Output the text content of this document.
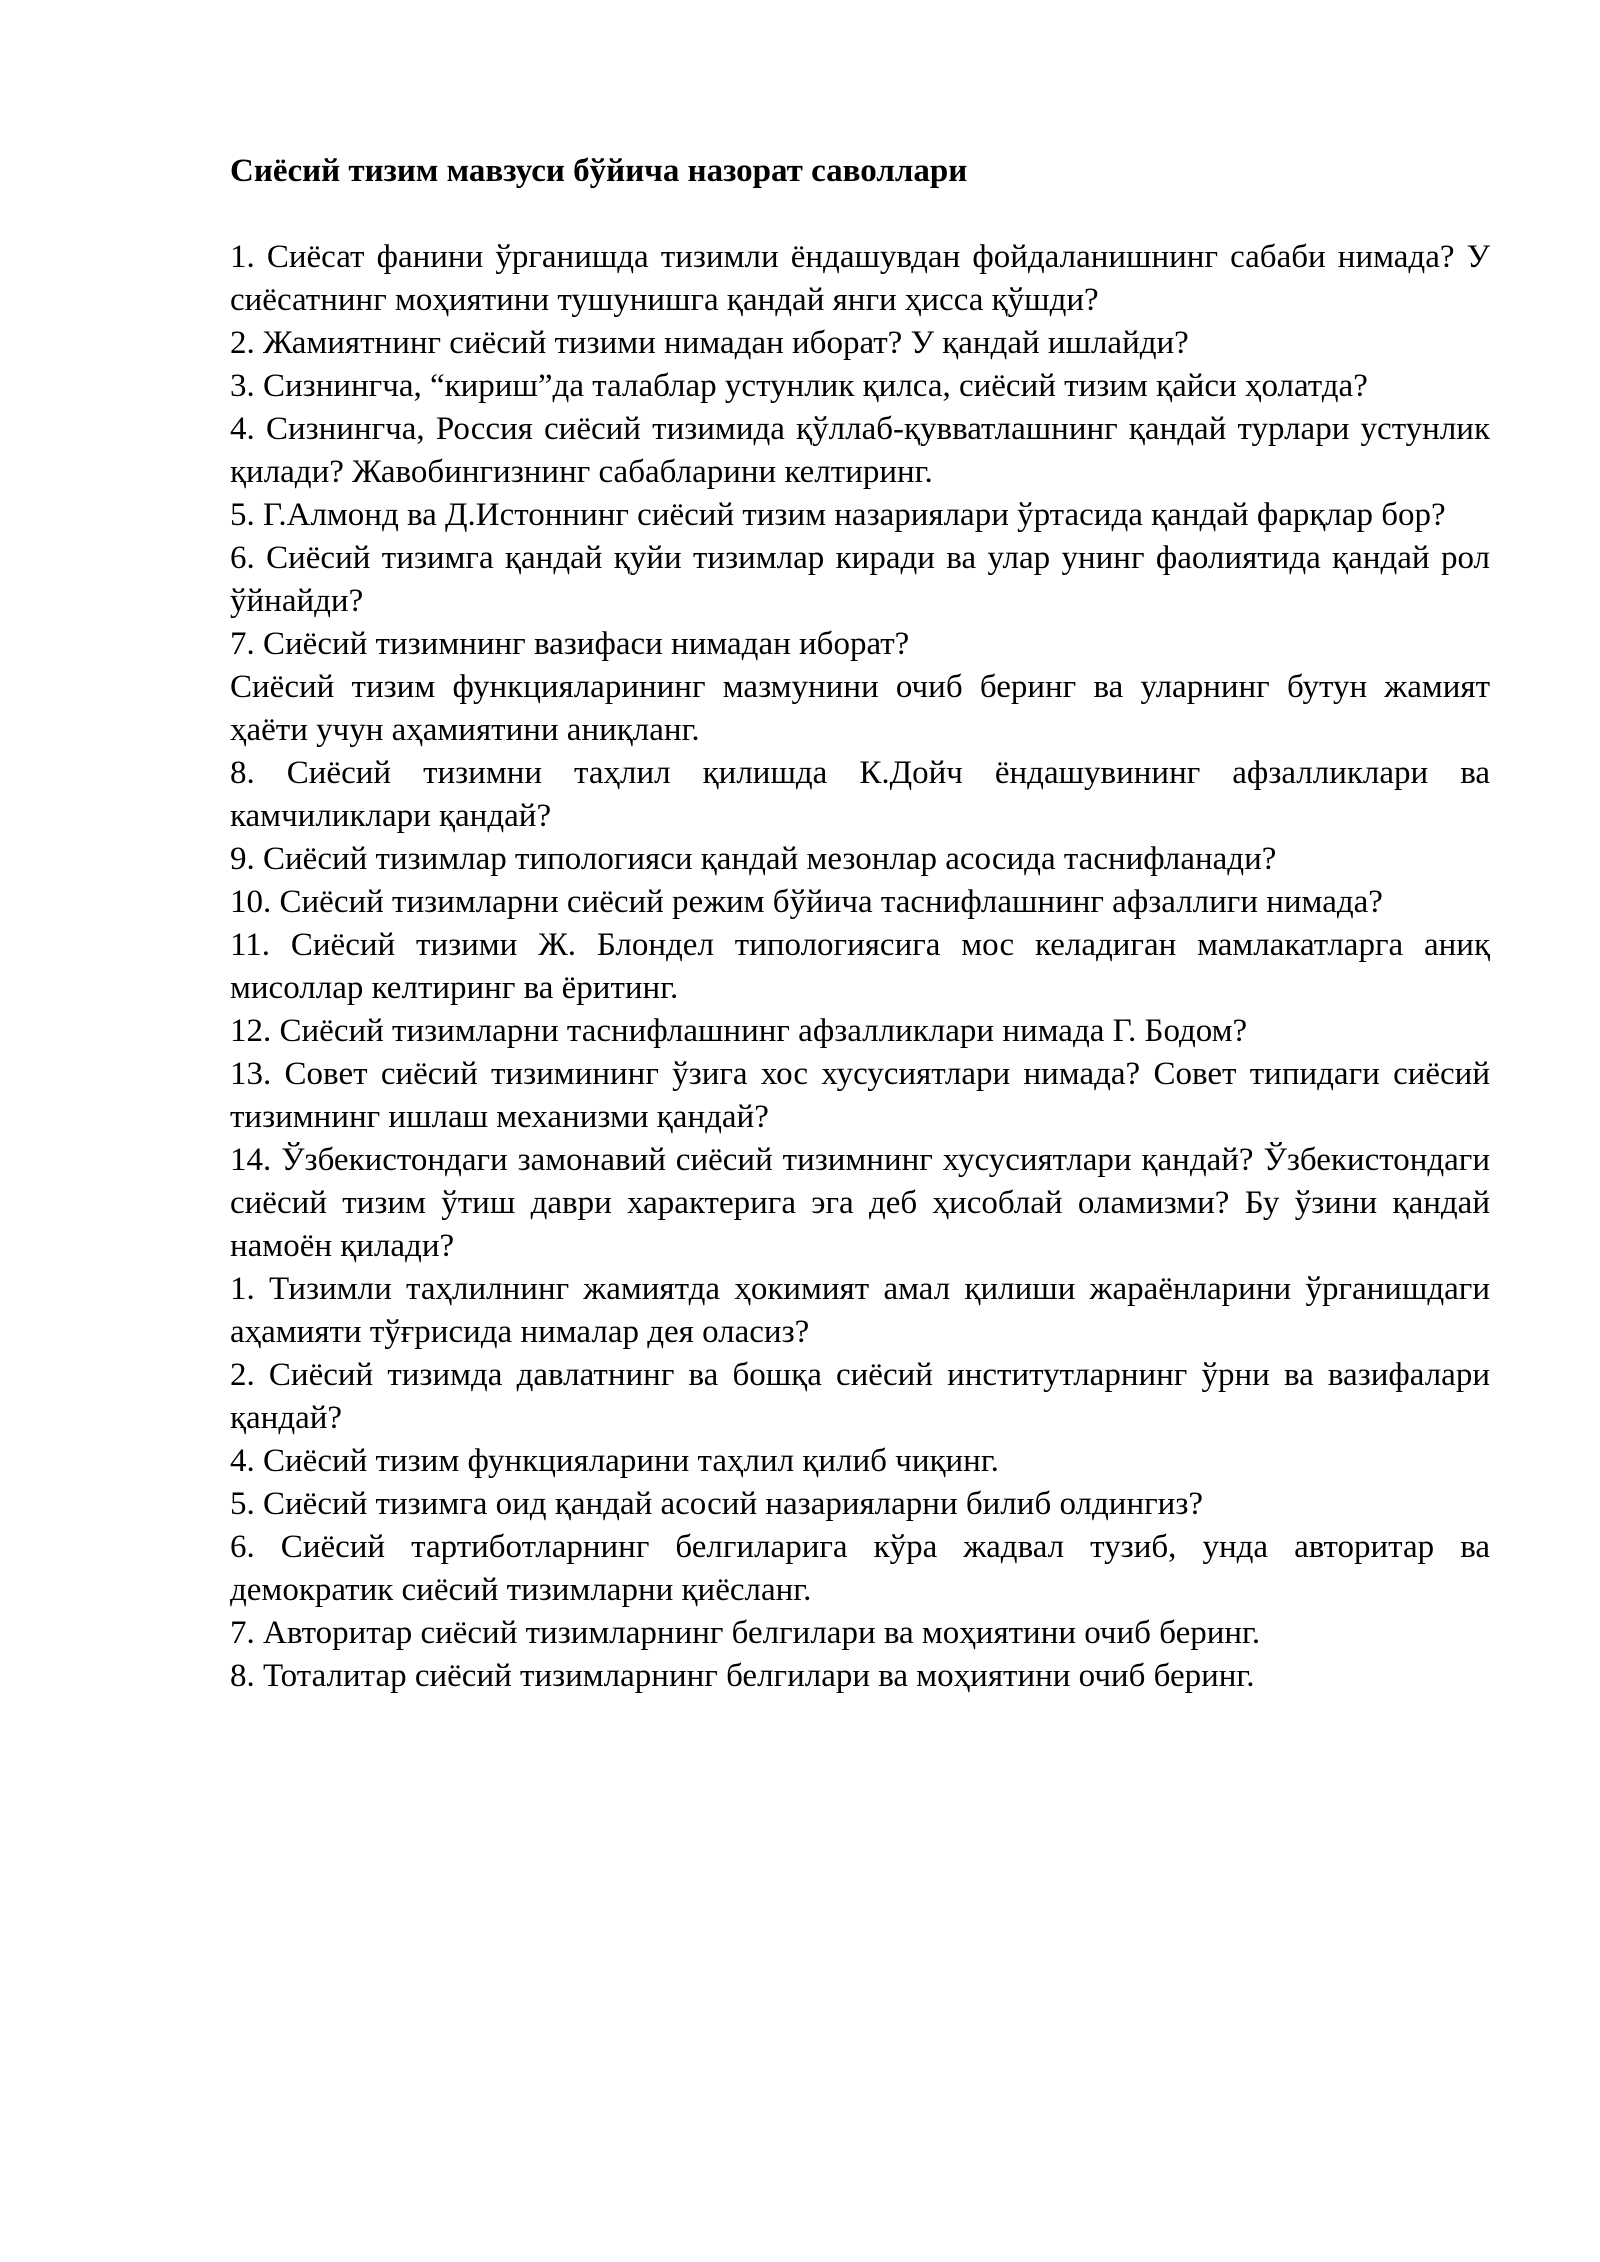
Сиёсий тизим мавзуси бўйича назорат саволлари

1. Сиёсат фанини ўрганишда тизимли ёндашувдан фойдаланишнинг сабаби нимада? У сиёсатнинг моҳиятини тушунишга қандай янги ҳисса қўшди?

2. Жамиятнинг сиёсий тизими нимадан иборат? У қандай ишлайди?

3. Сизнингча, “кириш”да талаблар устунлик қилса, сиёсий тизим қайси ҳолатда?

4. Сизнингча, Россия сиёсий тизимида қўллаб-қувватлашнинг қандай турлари устунлик қилади? Жавобингизнинг сабабларини келтиринг.

5. Г.Алмонд ва Д.Истоннинг сиёсий тизим назариялари ўртасида қандай фарқлар бор?

6. Сиёсий тизимга қандай қуйи тизимлар киради ва улар унинг фаолиятида қандай рол ўйнайди?

7. Сиёсий тизимнинг вазифаси нимадан иборат?

Сиёсий тизим функцияларининг мазмунини очиб беринг ва уларнинг бутун жамият ҳаёти учун аҳамиятини аниқланг.

8. Сиёсий тизимни таҳлил қилишда К.Дойч ёндашувининг афзалликлари ва камчиликлари қандай?

9. Сиёсий тизимлар типологияси қандай мезонлар асосида таснифланади?

10. Сиёсий тизимларни сиёсий режим бўйича таснифлашнинг афзаллиги нимада?

11. Сиёсий тизими Ж. Блондел типологиясига мос келадиган мамлакатларга аниқ мисоллар келтиринг ва ёритинг.

12. Сиёсий тизимларни таснифлашнинг афзалликлари нимада Г. Бодом?

13. Совет сиёсий тизимининг ўзига хос хусусиятлари нимада? Совет типидаги сиёсий тизимнинг ишлаш механизми қандай?

14. Ўзбекистондаги замонавий сиёсий тизимнинг хусусиятлари қандай? Ўзбекистондаги сиёсий тизим ўтиш даври характерига эга деб ҳисоблай оламизми? Бу ўзини қандай намоён қилади?

1. Тизимли таҳлилнинг жамиятда ҳокимият амал қилиши жараёнларини ўрганишдаги аҳамияти тўғрисида нималар дея оласиз?

2. Сиёсий тизимда давлатнинг ва бошқа сиёсий институтларнинг ўрни ва вазифалари қандай?

4. Сиёсий тизим функцияларини таҳлил қилиб чиқинг.

5. Сиёсий тизимга оид қандай асосий назарияларни билиб олдингиз?

6. Сиёсий тартиботларнинг белгиларига кўра жадвал тузиб, унда авторитар ва демократик сиёсий тизимларни қиёсланг.

7. Авторитар сиёсий тизимларнинг белгилари ва моҳиятини очиб беринг.

8. Тоталитар сиёсий тизимларнинг белгилари ва моҳиятини очиб беринг.
